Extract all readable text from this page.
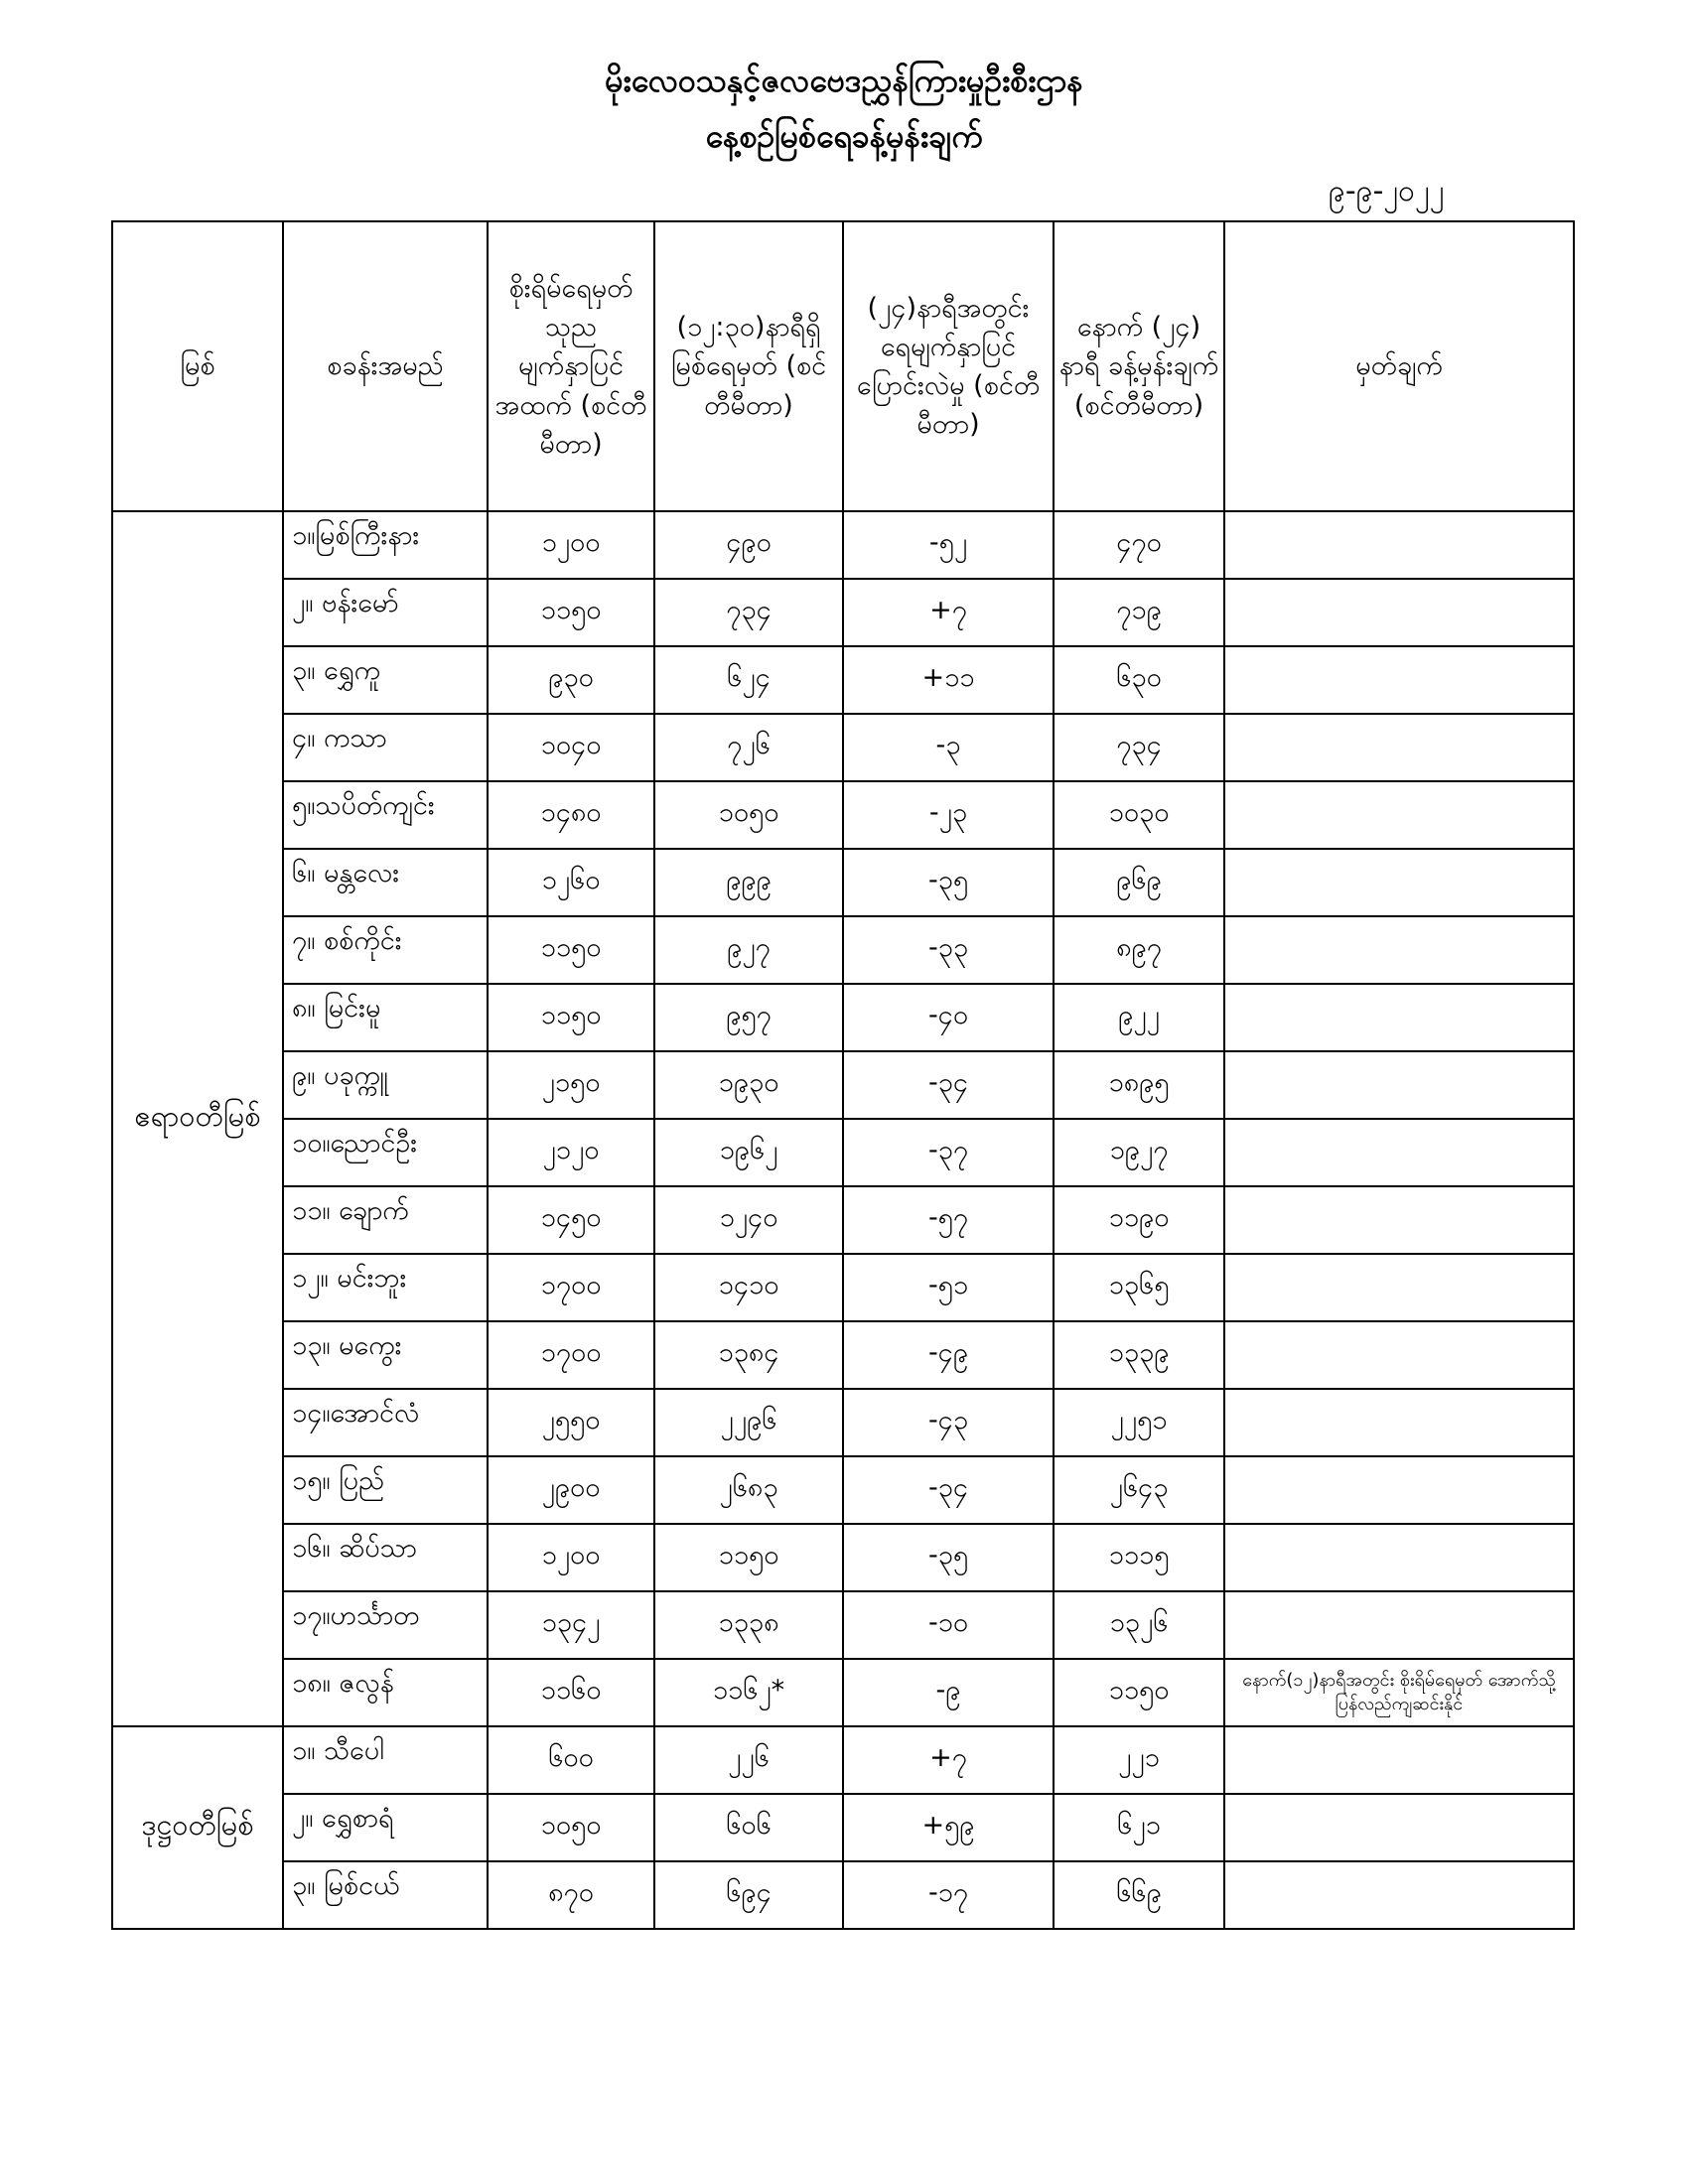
မိုးလေဝသနှင့်ဇလဗေဒညွှန်ကြားမှုဦးစီးဌာန
နေ့စဉ်မြစ်ရေခန့်မှန်းချက်
၉-၉-၂၀၂၂
မြစ်	စခန်းအမည်	စိုးရိမ်ရေမှတ် သုည မျက်နှာပြင် အထက် (စင်တီမီတာ)	(၁၂:၃၀)နာရီရှိ မြစ်ရေမှတ် (စင်တီမီတာ)	(၂၄)နာရီအတွင်း ရေမျက်နှာပြင် ပြောင်းလဲမှု (စင်တီမီတာ)	နောက် (၂၄) နာရီ ခန့်မှန်းချက် (စင်တီမီတာ)	မှတ်ချက်
ဧရာဝတီမြစ်	၁။မြစ်ကြီးနား	၁၂၀၀	၄၉၀	-၅၂	၄၇၀	
	၂။ ဗန်းမော်	၁၁၅၀	၇၃၄	+၇	၇၁၉	
	၃။ ရွှေကူ	၉၃၀	၆၂၄	+၁၁	၆၃၀	
	၄။ ကသာ	၁၀၄၀	၇၂၆	-၃	၇၃၄	
	၅။သပိတ်ကျင်း	၁၄၈၀	၁၀၅၀	-၂၃	၁၀၃၀	
	၆။ မန္တလေး	၁၂၆၀	၉၉၉	-၃၅	၉၆၉	
	၇။ စစ်ကိုင်း	၁၁၅၀	၉၂၇	-၃၃	၈၉၇	
	၈။ မြင်းမူ	၁၁၅၀	၉၅၇	-၄၀	၉၂၂	
	၉။ ပခုက္ကူ	၂၁၅၀	၁၉၃၀	-၃၄	၁၈၉၅	
	၁၀။ညောင်ဦး	၂၁၂၀	၁၉၆၂	-၃၇	၁၉၂၇	
	၁၁။ ချောက်	၁၄၅၀	၁၂၄၀	-၅၇	၁၁၉၀	
	၁၂။ မင်းဘူး	၁၇၀၀	၁၄၁၀	-၅၁	၁၃၆၅	
	၁၃။ မကွေး	၁၇၀၀	၁၃၈၄	-၄၉	၁၃၃၉	
	၁၄။အောင်လံ	၂၅၅၀	၂၂၉၆	-၄၃	၂၂၅၁	
	၁၅။ ပြည်	၂၉၀၀	၂၆၈၃	-၃၄	၂၆၄၃	
	၁၆။ ဆိပ်သာ	၁၂၀၀	၁၁၅၀	-၃၅	၁၁၁၅	
	၁၇။ဟင်္သာတ	၁၃၄၂	၁၃၃၈	-၁၀	၁၃၂၆	
	၁၈။ ဇလွန်	၁၁၆၀	၁၁၆၂*	-၉	၁၁၅၀	နောက်(၁၂)နာရီအတွင်း စိုးရိမ်ရေမှတ် အောက်သို့ ပြန်လည်ကျဆင်းနိုင်
ဒုဋ္ဌဝတီမြစ်	၁။ သီပေါ	၆၀၀	၂၂၆	+၇	၂၂၁	
	၂။ ရွှေစာရံ	၁၀၅၀	၆၀၆	+၅၉	၆၂၁	
	၃။ မြစ်ငယ်	၈၇၀	၆၉၄	-၁၇	၆၆၉	
